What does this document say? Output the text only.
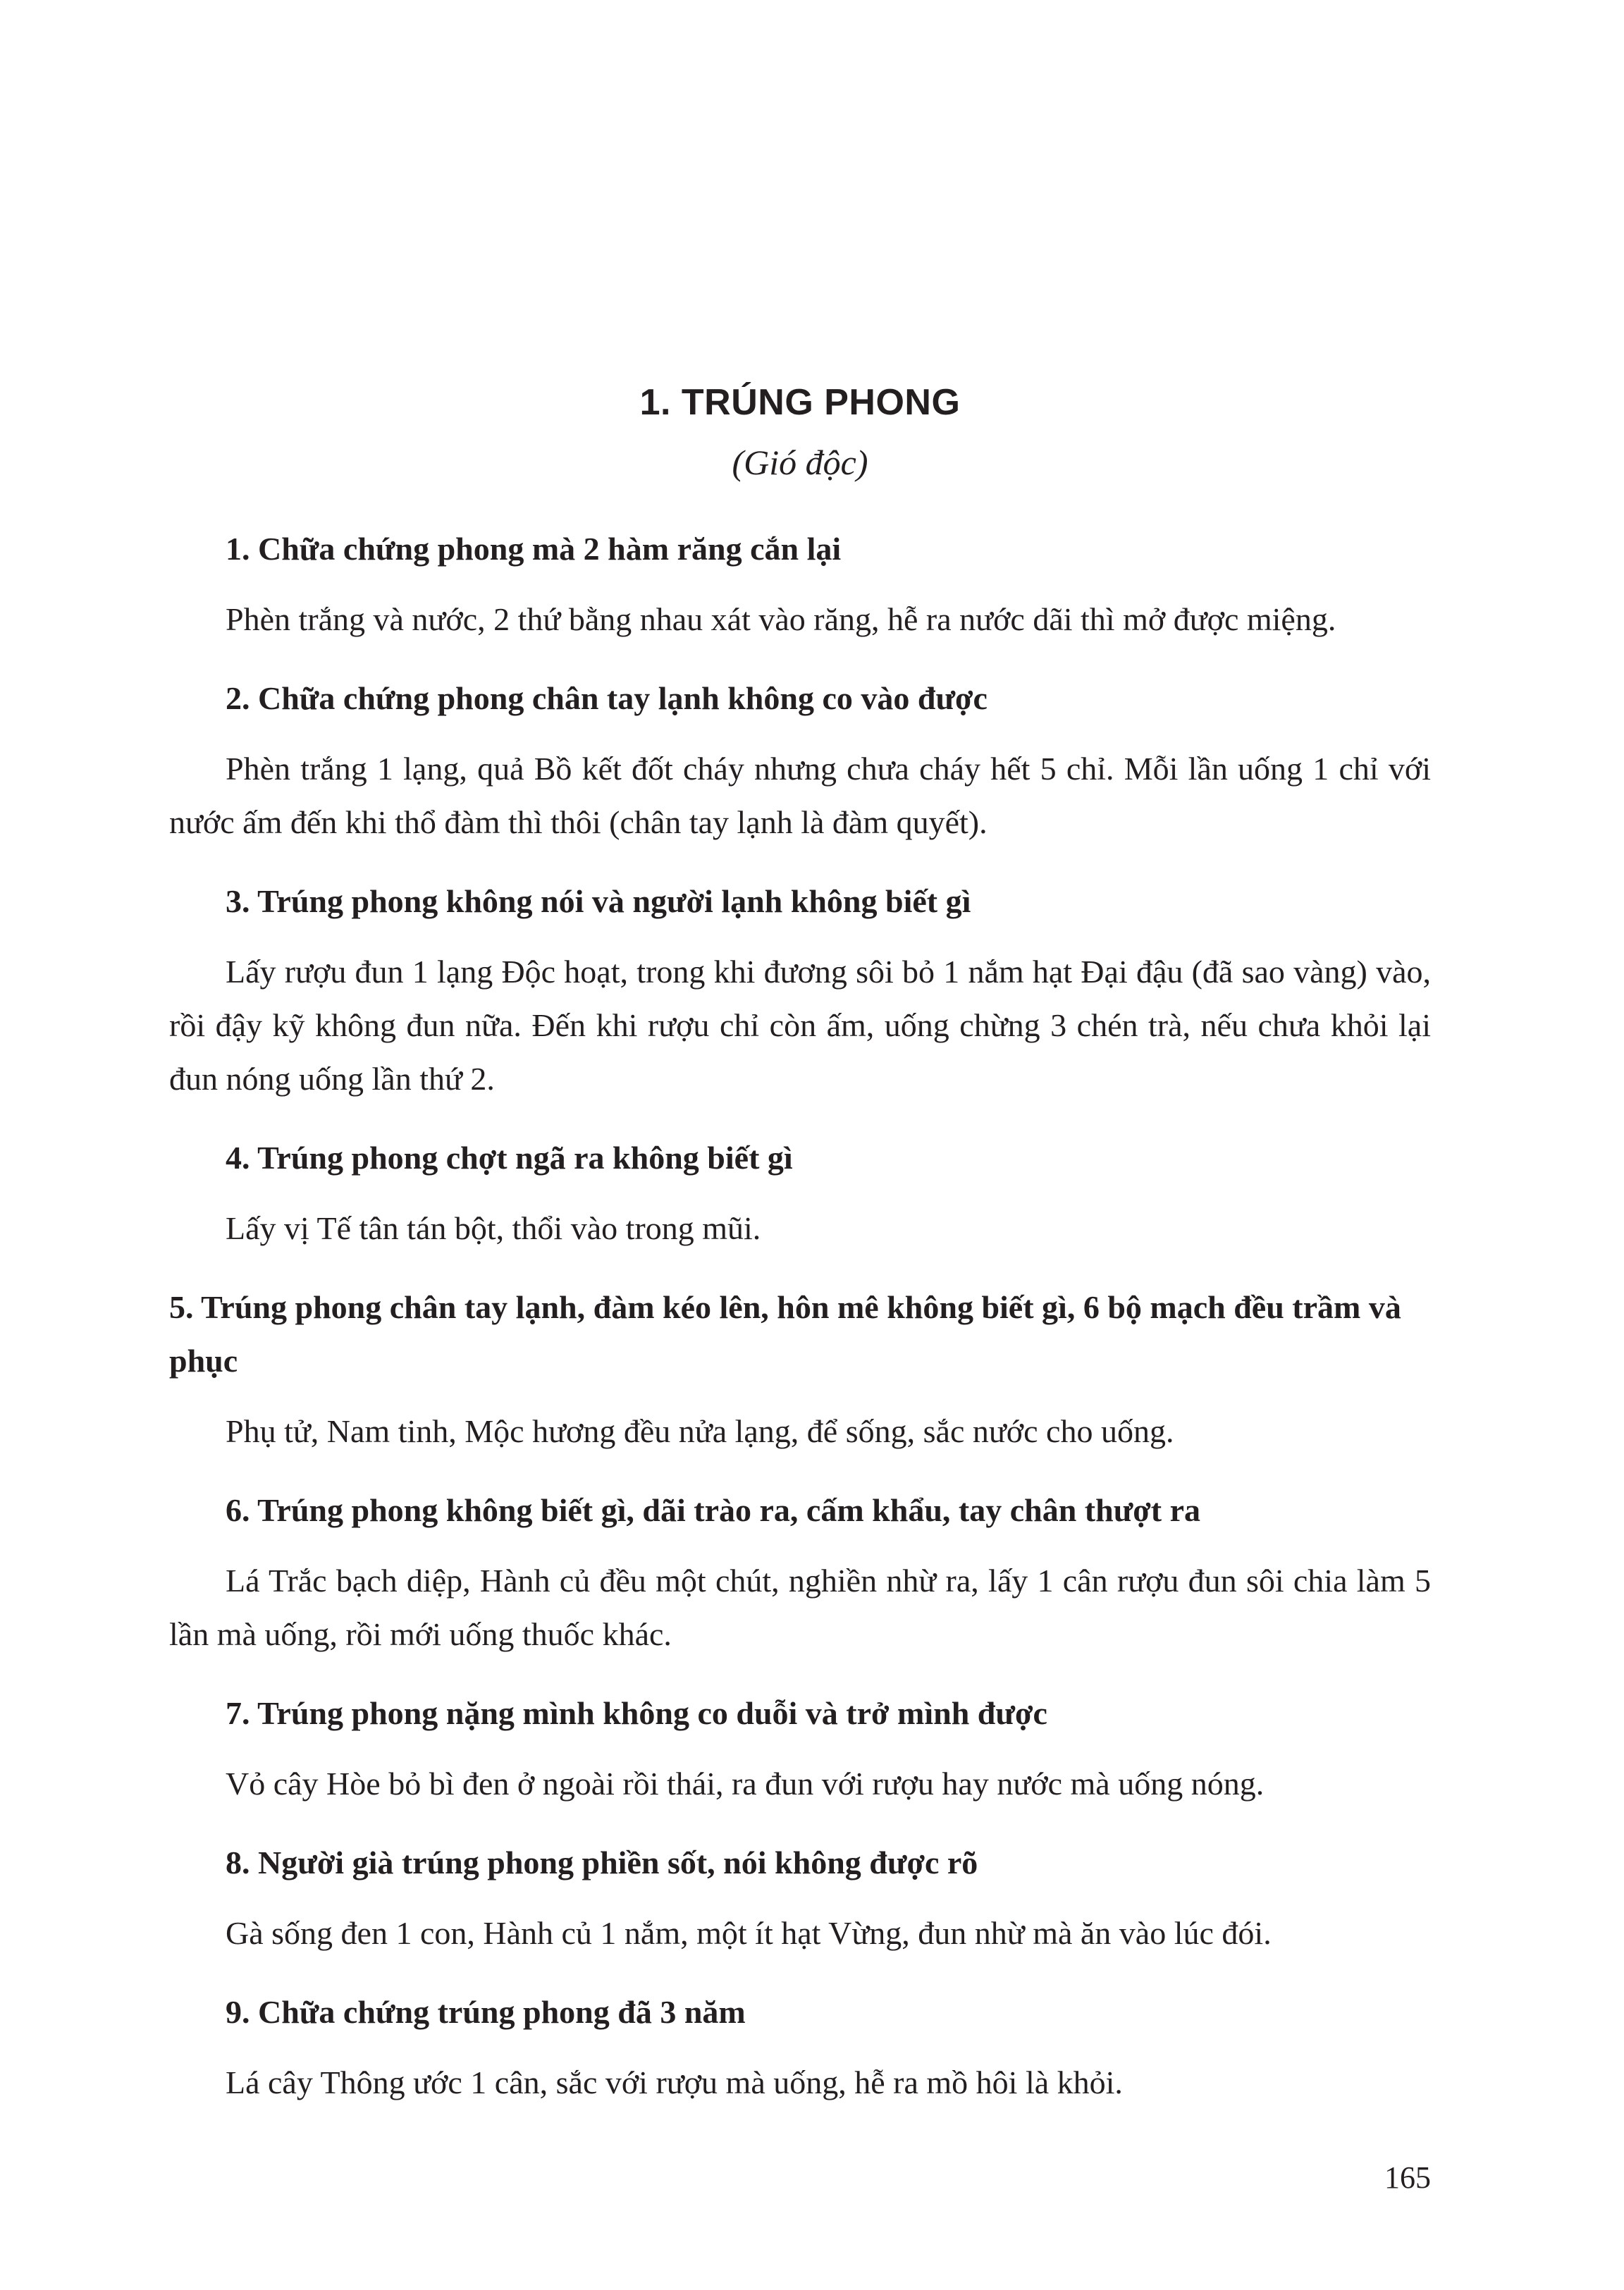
1. TRÚNG PHONG
(Gió độc)
1. Chữa chứng phong mà 2 hàm răng cắn lại

Phèn trắng và nước, 2 thứ bằng nhau xát vào răng, hễ ra nước dãi thì mở được miệng.

2. Chữa chứng phong chân tay lạnh không co vào được

Phèn trắng 1 lạng, quả Bồ kết đốt cháy nhưng chưa cháy hết 5 chỉ. Mỗi lần uống 1 chỉ với nước ấm đến khi thổ đàm thì thôi (chân tay lạnh là đàm quyết).

3. Trúng phong không nói và người lạnh không biết gì

Lấy rượu đun 1 lạng Độc hoạt, trong khi đương sôi bỏ 1 nắm hạt Đại đậu (đã sao vàng) vào, rồi đậy kỹ không đun nữa. Đến khi rượu chỉ còn ấm, uống chừng 3 chén trà, nếu chưa khỏi lại đun nóng uống lần thứ 2.

4. Trúng phong chợt ngã ra không biết gì

Lấy vị Tế tân tán bột, thổi vào trong mũi.

5. Trúng phong chân tay lạnh, đàm kéo lên, hôn mê không biết gì, 6 bộ mạch đều trầm và phục

Phụ tử, Nam tinh, Mộc hương đều nửa lạng, để sống, sắc nước cho uống.

6. Trúng phong không biết gì, dãi trào ra, cấm khẩu, tay chân thượt ra

Lá Trắc bạch diệp, Hành củ đều một chút, nghiền nhừ ra, lấy 1 cân rượu đun sôi chia làm 5 lần mà uống, rồi mới uống thuốc khác.

7. Trúng phong nặng mình không co duỗi và trở mình được

Vỏ cây Hòe bỏ bì đen ở ngoài rồi thái, ra đun với rượu hay nước mà uống nóng.

8. Người già trúng phong phiền sốt, nói không được rõ

Gà sống đen 1 con, Hành củ 1 nắm, một ít hạt Vừng, đun nhừ mà ăn vào lúc đói.

9. Chữa chứng trúng phong đã 3 năm

Lá cây Thông ước 1 cân, sắc với rượu mà uống, hễ ra mồ hôi là khỏi.

165
